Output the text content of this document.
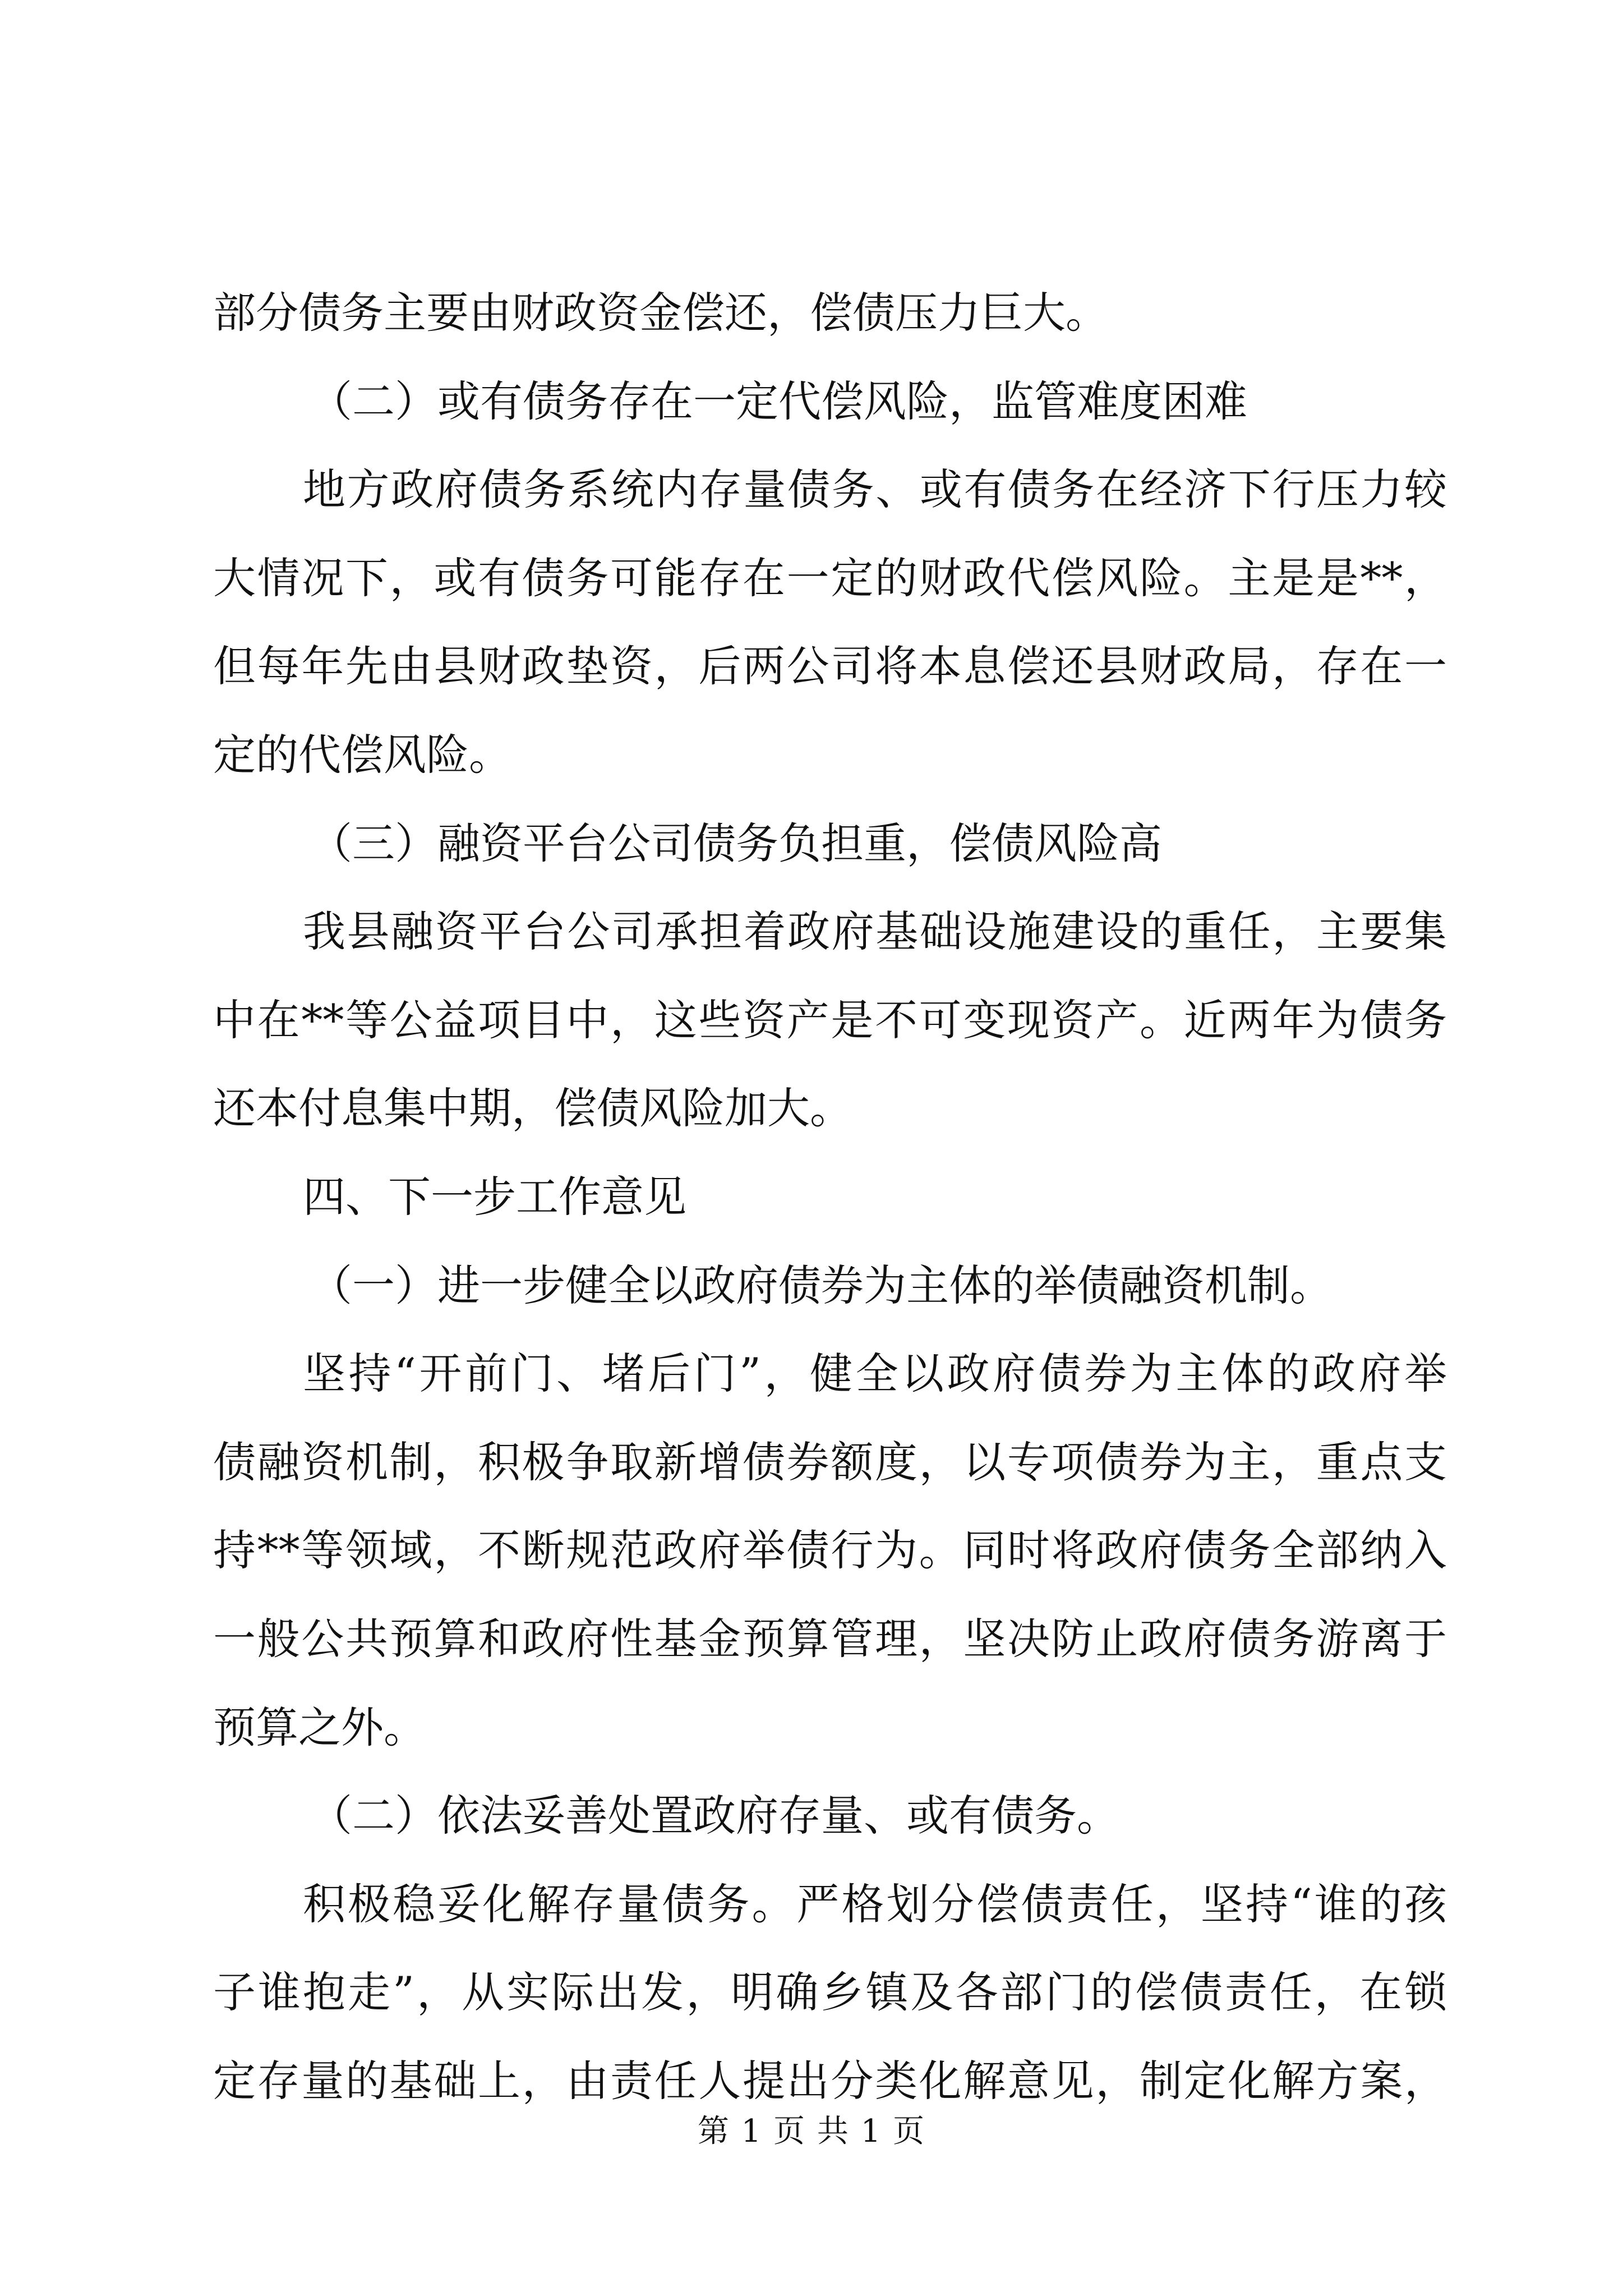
部分债务主要由财政资金偿还，偿债压力巨大。
（二）或有债务存在一定代偿风险，监管难度困难
地方政府债务系统内存量债务、或有债务在经济下行压力较
大情况下，或有债务可能存在一定的财政代偿风险。主是是**，
但每年先由县财政垫资，后两公司将本息偿还县财政局，存在一
定的代偿风险。
（三）融资平台公司债务负担重，偿债风险高
我县融资平台公司承担着政府基础设施建设的重任，主要集
中在**等公益项目中，这些资产是不可变现资产。近两年为债务
还本付息集中期，偿债风险加大。
四、下一步工作意见
（一）进一步健全以政府债券为主体的举债融资机制。
坚持“开前门、堵后门”，健全以政府债券为主体的政府举
债融资机制，积极争取新增债券额度，以专项债券为主，重点支
持**等领域，不断规范政府举债行为。同时将政府债务全部纳入
一般公共预算和政府性基金预算管理，坚决防止政府债务游离于
预算之外。
（二）依法妥善处置政府存量、或有债务。
第 1 页 共 1 页
积极稳妥化解存量债务。严格划分偿债责任，坚持“谁的孩
子谁抱走”，从实际出发，明确乡镇及各部门的偿债责任，在锁
定存量的基础上，由责任人提出分类化解意见，制定化解方案，
